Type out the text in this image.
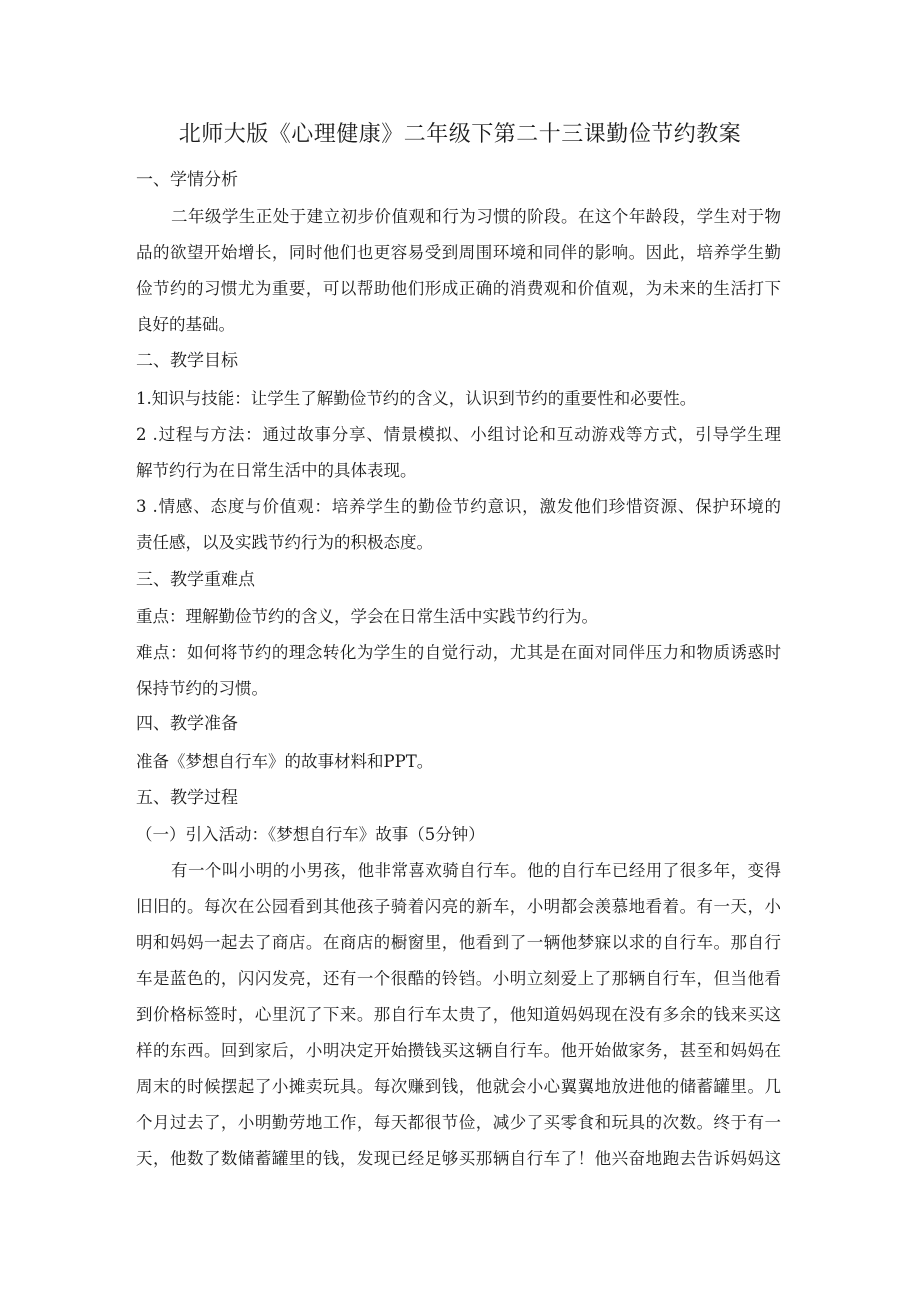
北师大版《心理健康》二年级下第二十三课勤俭节约教案
一、学情分析
二年级学生正处于建立初步价值观和行为习惯的阶段。在这个年龄段，学生对于物
品的欲望开始增长，同时他们也更容易受到周围环境和同伴的影响。因此，培养学生勤
俭节约的习惯尤为重要，可以帮助他们形成正确的消费观和价值观，为未来的生活打下
良好的基础。
二、教学目标
1.知识与技能：让学生了解勤俭节约的含义，认识到节约的重要性和必要性。
2 .过程与方法：通过故事分享、情景模拟、小组讨论和互动游戏等方式，引导学生理
解节约行为在日常生活中的具体表现。
3 .情感、态度与价值观：培养学生的勤俭节约意识，激发他们珍惜资源、保护环境的
责任感，以及实践节约行为的积极态度。
三、教学重难点
重点：理解勤俭节约的含义，学会在日常生活中实践节约行为。
难点：如何将节约的理念转化为学生的自觉行动，尤其是在面对同伴压力和物质诱惑时
保持节约的习惯。
四、教学准备
准备《梦想自行车》的故事材料和PPT。
五、教学过程
（一）引入活动：《梦想自行车》故事（5分钟）
有一个叫小明的小男孩，他非常喜欢骑自行车。他的自行车已经用了很多年，变得
旧旧的。每次在公园看到其他孩子骑着闪亮的新车，小明都会羡慕地看着。有一天，小
明和妈妈一起去了商店。在商店的橱窗里，他看到了一辆他梦寐以求的自行车。那自行
车是蓝色的，闪闪发亮，还有一个很酷的铃铛。小明立刻爱上了那辆自行车，但当他看
到价格标签时，心里沉了下来。那自行车太贵了，他知道妈妈现在没有多余的钱来买这
样的东西。回到家后，小明决定开始攒钱买这辆自行车。他开始做家务，甚至和妈妈在
周末的时候摆起了小摊卖玩具。每次赚到钱，他就会小心翼翼地放进他的储蓄罐里。几
个月过去了，小明勤劳地工作，每天都很节俭，减少了买零食和玩具的次数。终于有一
天，他数了数储蓄罐里的钱，发现已经足够买那辆自行车了！他兴奋地跑去告诉妈妈这
